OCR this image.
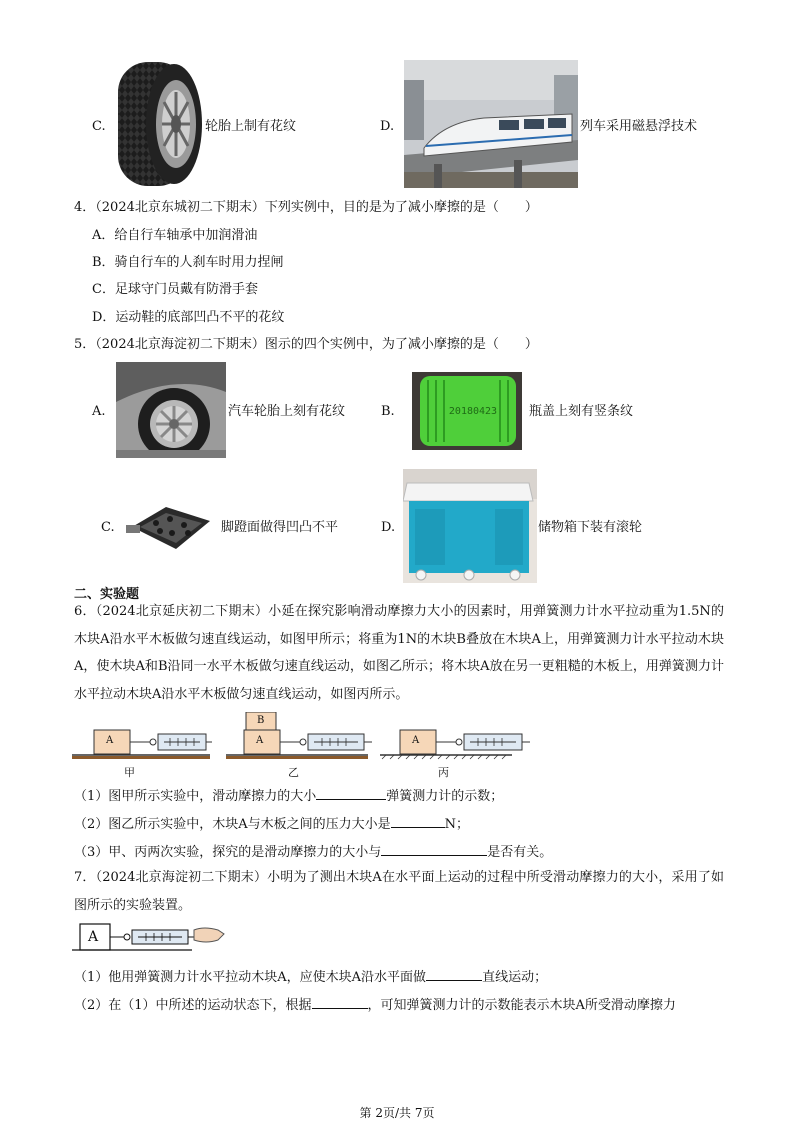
C.	轮胎上制有花纹	D.	列车采用磁悬浮技术
4．（2024北京东城初二下期末）下列实例中，目的是为了减小摩擦的是（　　）
A．给自行车轴承中加润滑油
B．骑自行车的人刹车时用力捏闸
C．足球守门员戴有防滑手套
D．运动鞋的底部凹凸不平的花纹
5．（2024北京海淀初二下期末）图示的四个实例中，为了减小摩擦的是（　　）
A.	汽车轮胎上刻有花纹	B.	20180423 瓶盖上刻有竖条纹
C.	脚蹬面做得凹凸不平	D.	储物箱下装有滚轮
二、实验题
6．（2024北京延庆初二下期末）小延在探究影响滑动摩擦力大小的因素时，用弹簧测力计水平拉动重为1.5N的木块A沿水平木板做匀速直线运动，如图甲所示；将重为1N的木块B叠放在木块A上，用弹簧测力计水平拉动木块A，使木块A和B沿同一水平木板做匀速直线运动，如图乙所示；将木块A放在另一更粗糙的木板上，用弹簧测力计水平拉动木块A沿水平木板做匀速直线运动，如图丙所示。
A
B
A	A
甲	乙	丙
（1）图甲所示实验中，滑动摩擦力的大小	弹簧测力计的示数；
（2）图乙所示实验中，木块A与木板之间的压力大小是	N；
（3）甲、丙两次实验，探究的是滑动摩擦力的大小与	是否有关。
7．（2024北京海淀初二下期末）小明为了测出木块A在水平面上运动的过程中所受滑动摩擦力的大小，采用了如图所示的实验装置。
A
（1）他用弹簧测力计水平拉动木块A，应使木块A沿水平面做	直线运动；
（2）在（1）中所述的运动状态下，根据	，可知弹簧测力计的示数能表示木块A所受滑动摩擦力
第 2页/共 7页
